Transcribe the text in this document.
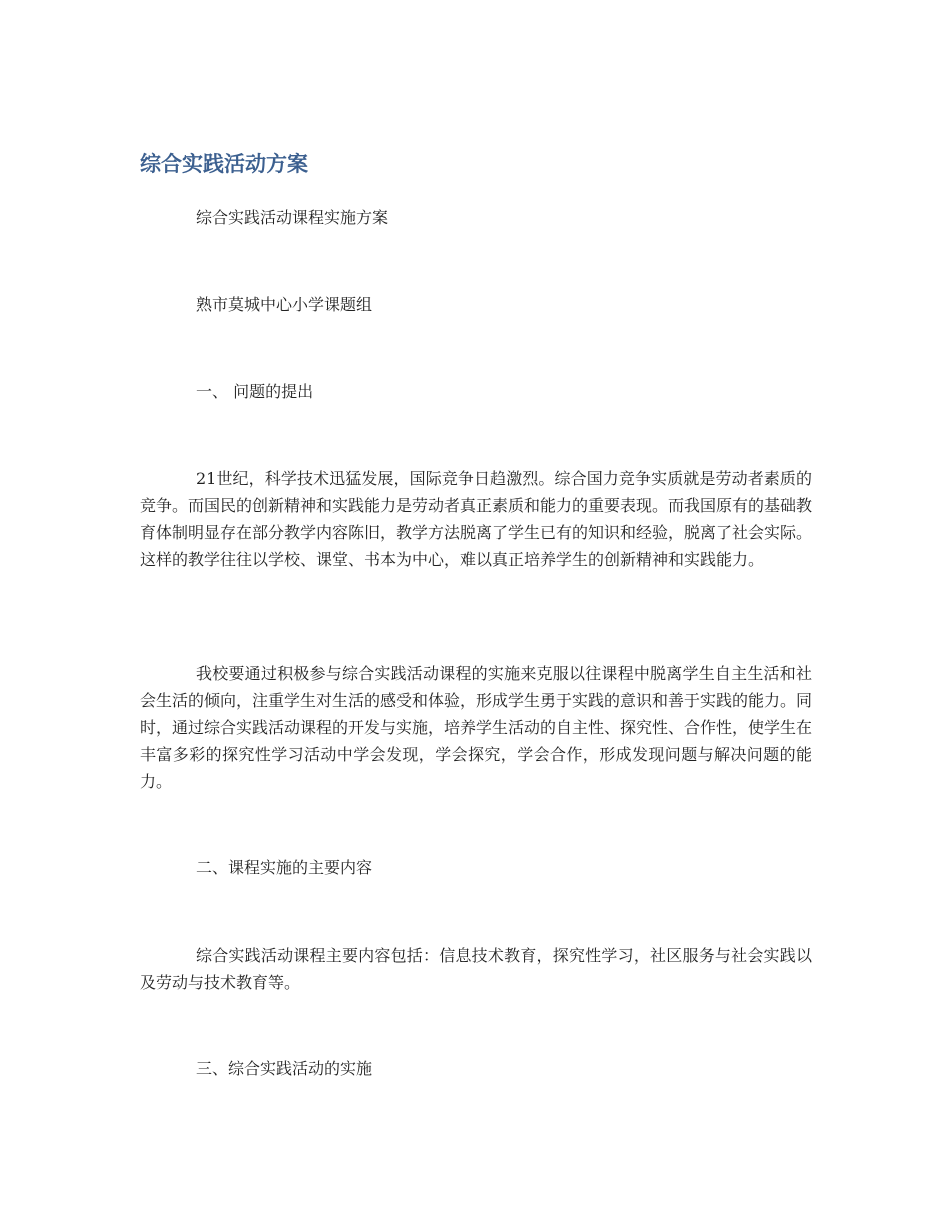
综合实践活动方案

综合实践活动课程实施方案

熟市莫城中心小学课题组

一、 问题的提出

21世纪，科学技术迅猛发展，国际竞争日趋激烈。综合国力竞争实质就是劳动者素质的竞争。而国民的创新精神和实践能力是劳动者真正素质和能力的重要表现。而我国原有的基础教育体制明显存在部分教学内容陈旧，教学方法脱离了学生已有的知识和经验，脱离了社会实际。这样的教学往往以学校、课堂、书本为中心，难以真正培养学生的创新精神和实践能力。

我校要通过积极参与综合实践活动课程的实施来克服以往课程中脱离学生自主生活和社会生活的倾向，注重学生对生活的感受和体验，形成学生勇于实践的意识和善于实践的能力。同时，通过综合实践活动课程的开发与实施，培养学生活动的自主性、探究性、合作性，使学生在丰富多彩的探究性学习活动中学会发现，学会探究，学会合作，形成发现问题与解决问题的能力。

二、课程实施的主要内容

综合实践活动课程主要内容包括：信息技术教育，探究性学习，社区服务与社会实践以及劳动与技术教育等。

三、综合实践活动的实施
